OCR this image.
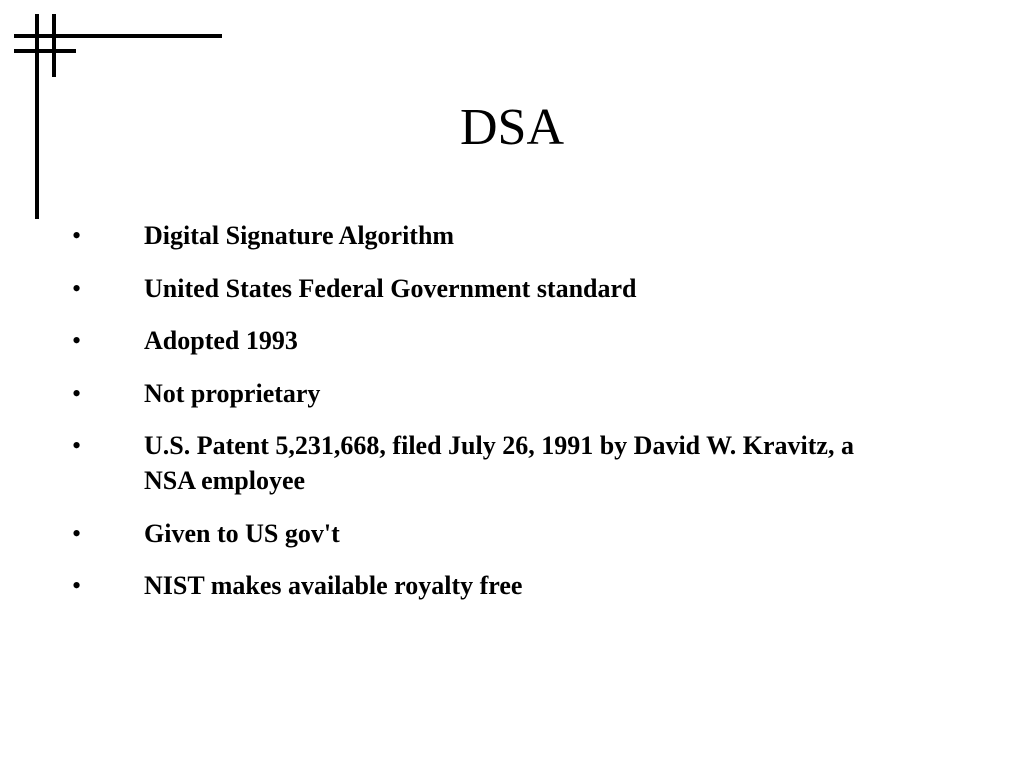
DSA
• Digital Signature Algorithm
• United States Federal Government standard
• Adopted 1993
• Not proprietary
• U.S. Patent 5,231,668, filed July 26, 1991 by David W. Kravitz, a NSA employee
• Given to US gov't
• NIST makes available royalty free
